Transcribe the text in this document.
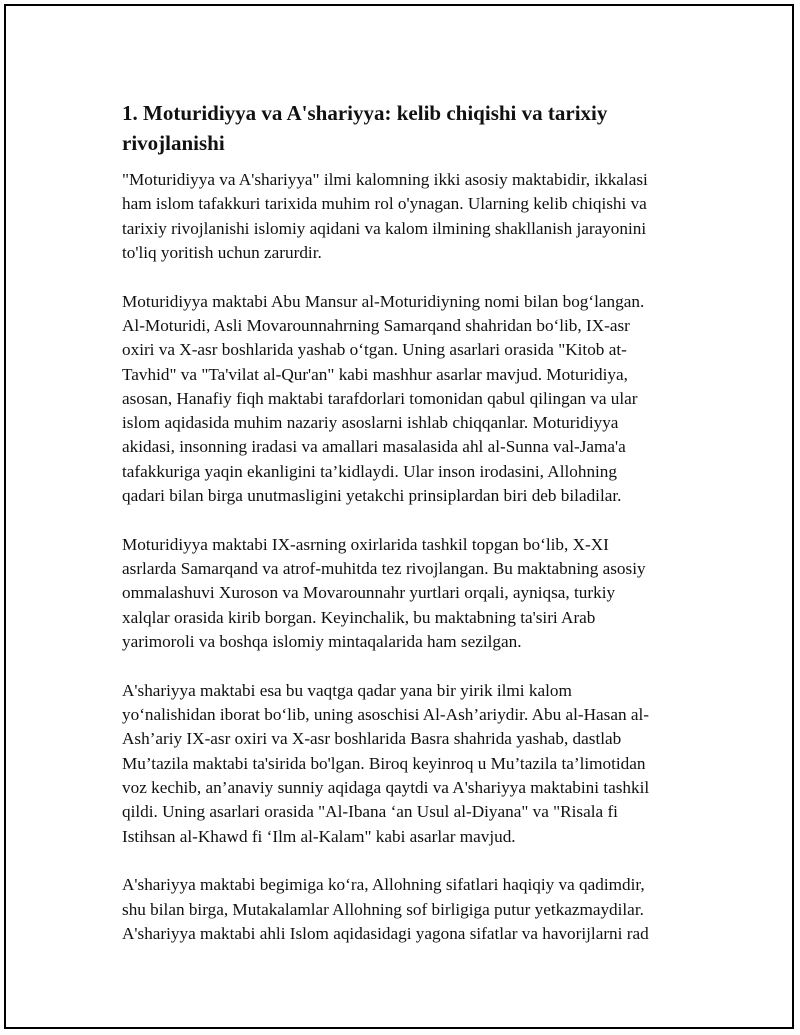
1. Moturidiyya va A'shariyya: kelib chiqishi va tarixiy rivojlanishi

"Moturidiyya va A'shariyya" ilmi kalomning ikki asosiy maktabidir, ikkalasi
ham islom tafakkuri tarixida muhim rol o'ynagan. Ularning kelib chiqishi va
tarixiy rivojlanishi islomiy aqidani va kalom ilmining shakllanish jarayonini
to'liq yoritish uchun zarurdir.

Moturidiyya maktabi Abu Mansur al-Moturidiyning nomi bilan bog‘langan.
Al-Moturidi, Asli Movarounnahrning Samarqand shahridan bo‘lib, IX-asr
oxiri va X-asr boshlarida yashab o‘tgan. Uning asarlari orasida "Kitob at-
Tavhid" va "Ta'vilat al-Qur'an" kabi mashhur asarlar mavjud. Moturidiya,
asosan, Hanafiy fiqh maktabi tarafdorlari tomonidan qabul qilingan va ular
islom aqidasida muhim nazariy asoslarni ishlab chiqqanlar. Moturidiyya
akidasi, insonning iradasi va amallari masalasida ahl al-Sunna val-Jama'a
tafakkuriga yaqin ekanligini ta’kidlaydi. Ular inson irodasini, Allohning
qadari bilan birga unutmasligini yetakchi prinsiplardan biri deb biladilar.

Moturidiyya maktabi IX-asrning oxirlarida tashkil topgan bo‘lib, X-XI
asrlarda Samarqand va atrof-muhitda tez rivojlangan. Bu maktabning asosiy
ommalashuvi Xuroson va Movarounnahr yurtlari orqali, ayniqsa, turkiy
xalqlar orasida kirib borgan. Keyinchalik, bu maktabning ta'siri Arab
yarimoroli va boshqa islomiy mintaqalarida ham sezilgan.

A'shariyya maktabi esa bu vaqtga qadar yana bir yirik ilmi kalom
yo‘nalishidan iborat bo‘lib, uning asoschisi Al-Ash’ariydir. Abu al-Hasan al-
Ash’ariy IX-asr oxiri va X-asr boshlarida Basra shahrida yashab, dastlab
Mu’tazila maktabi ta'sirida bo'lgan. Biroq keyinroq u Mu’tazila ta’limotidan
voz kechib, an’anaviy sunniy aqidaga qaytdi va A'shariyya maktabini tashkil
qildi. Uning asarlari orasida "Al-Ibana ‘an Usul al-Diyana" va "Risala fi
Istihsan al-Khawd fi ‘Ilm al-Kalam" kabi asarlar mavjud.

A'shariyya maktabi begimiga ko‘ra, Allohning sifatlari haqiqiy va qadimdir,
shu bilan birga, Mutakalamlar Allohning sof birligiga putur yetkazmaydilar.
A'shariyya maktabi ahli Islom aqidasidagi yagona sifatlar va havorijlarni rad
